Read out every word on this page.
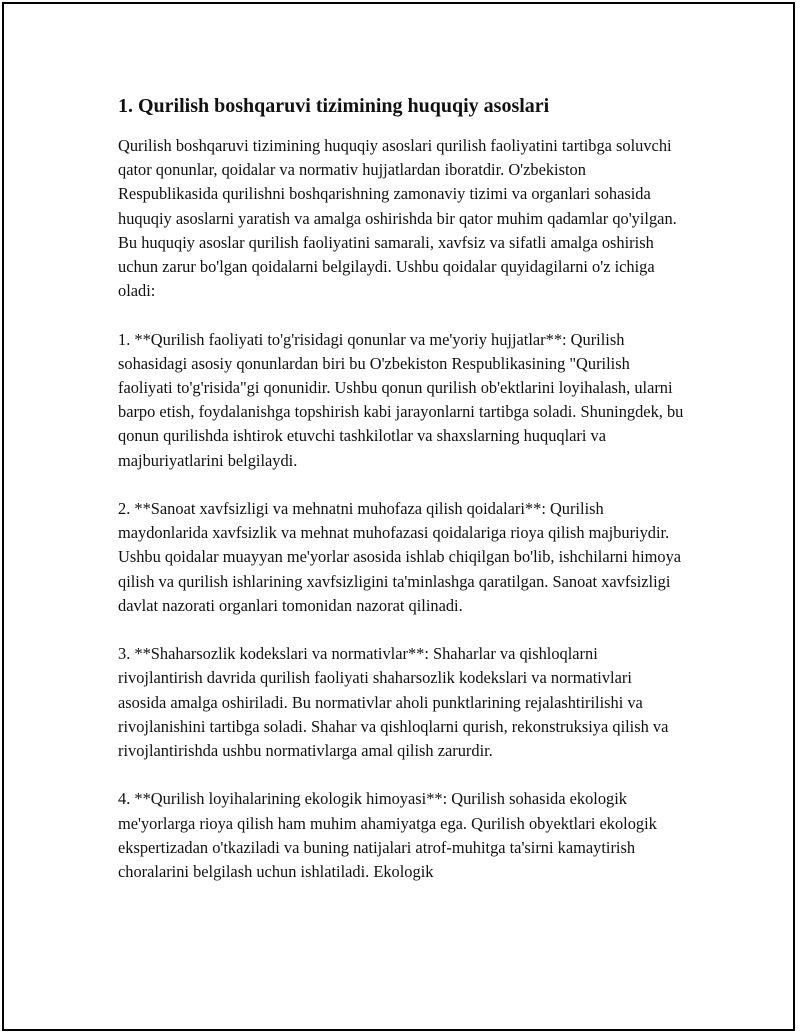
1. Qurilish boshqaruvi tizimining huquqiy asoslari

Qurilish boshqaruvi tizimining huquqiy asoslari qurilish faoliyatini tartibga soluvchi qator qonunlar, qoidalar va normativ hujjatlardan iboratdir. O'zbekiston Respublikasida qurilishni boshqarishning zamonaviy tizimi va organlari sohasida huquqiy asoslarni yaratish va amalga oshirishda bir qator muhim qadamlar qo'yilgan. Bu huquqiy asoslar qurilish faoliyatini samarali, xavfsiz va sifatli amalga oshirish uchun zarur bo'lgan qoidalarni belgilaydi. Ushbu qoidalar quyidagilarni o'z ichiga oladi:

1. **Qurilish faoliyati to'g'risidagi qonunlar va me'yoriy hujjatlar**: Qurilish sohasidagi asosiy qonunlardan biri bu O'zbekiston Respublikasining "Qurilish faoliyati to'g'risida"gi qonunidir. Ushbu qonun qurilish ob'ektlarini loyihalash, ularni barpo etish, foydalanishga topshirish kabi jarayonlarni tartibga soladi. Shuningdek, bu qonun qurilishda ishtirok etuvchi tashkilotlar va shaxslarning huquqlari va majburiyatlarini belgilaydi.

2. **Sanoat xavfsizligi va mehnatni muhofaza qilish qoidalari**: Qurilish maydonlarida xavfsizlik va mehnat muhofazasi qoidalariga rioya qilish majburiydir. Ushbu qoidalar muayyan me'yorlar asosida ishlab chiqilgan bo'lib, ishchilarni himoya qilish va qurilish ishlarining xavfsizligini ta'minlashga qaratilgan. Sanoat xavfsizligi davlat nazorati organlari tomonidan nazorat qilinadi.

3. **Shaharsozlik kodekslari va normativlar**: Shaharlar va qishloqlarni rivojlantirish davrida qurilish faoliyati shaharsozlik kodekslari va normativlari asosida amalga oshiriladi. Bu normativlar aholi punktlarining rejalashtirilishi va rivojlanishini tartibga soladi. Shahar va qishloqlarni qurish, rekonstruksiya qilish va rivojlantirishda ushbu normativlarga amal qilish zarurdir.

4. **Qurilish loyihalarining ekologik himoyasi**: Qurilish sohasida ekologik me'yorlarga rioya qilish ham muhim ahamiyatga ega. Qurilish obyektlari ekologik ekspertizadan o'tkaziladi va buning natijalari atrof-muhitga ta'sirni kamaytirish choralarini belgilash uchun ishlatiladi. Ekologik
